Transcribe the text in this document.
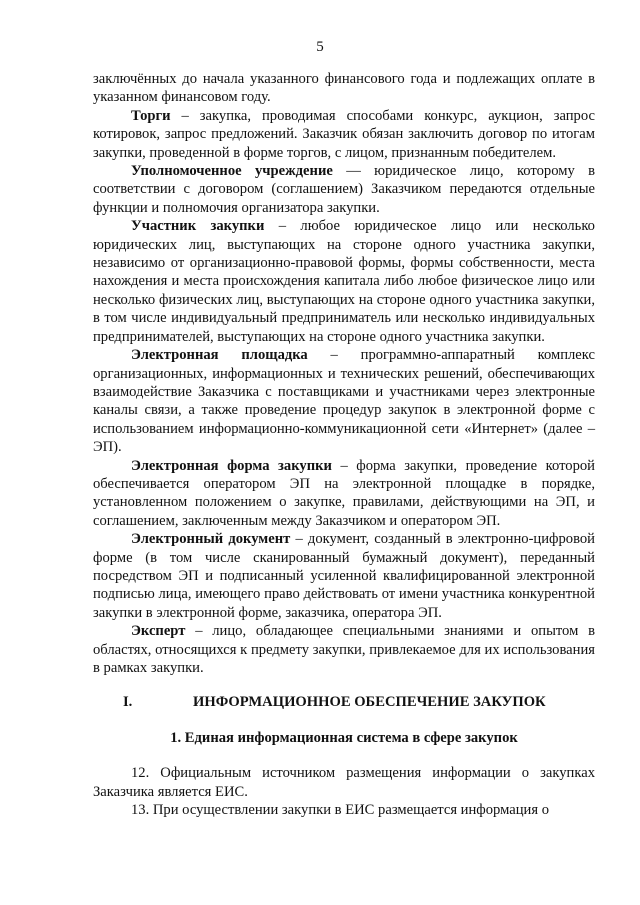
5

заключённых до начала указанного финансового года и подлежащих оплате в указанном финансовом году.

Торги – закупка, проводимая способами конкурс, аукцион, запрос котировок, запрос предложений. Заказчик обязан заключить договор по итогам закупки, проведенной в форме торгов, с лицом, признанным победителем.

Уполномоченное учреждение — юридическое лицо, которому в соответствии с договором (соглашением) Заказчиком передаются отдельные функции и полномочия организатора закупки.

Участник закупки – любое юридическое лицо или несколько юридических лиц, выступающих на стороне одного участника закупки, независимо от организационно-правовой формы, формы собственности, места нахождения и места происхождения капитала либо любое физическое лицо или несколько физических лиц, выступающих на стороне одного участника закупки, в том числе индивидуальный предприниматель или несколько индивидуальных предпринимателей, выступающих на стороне одного участника закупки.

Электронная площадка – программно-аппаратный комплекс организационных, информационных и технических решений, обеспечивающих взаимодействие Заказчика с поставщиками и участниками через электронные каналы связи, а также проведение процедур закупок в электронной форме с использованием информационно-коммуникационной сети «Интернет» (далее – ЭП).

Электронная форма закупки – форма закупки, проведение которой обеспечивается оператором ЭП на электронной площадке в порядке, установленном положением о закупке, правилами, действующими на ЭП, и соглашением, заключенным между Заказчиком и оператором ЭП.

Электронный документ – документ, созданный в электронно-цифровой форме (в том числе сканированный бумажный документ), переданный посредством ЭП и подписанный усиленной квалифицированной электронной подписью лица, имеющего право действовать от имени участника конкурентной закупки в электронной форме, заказчика, оператора ЭП.

Эксперт – лицо, обладающее специальными знаниями и опытом в областях, относящихся к предмету закупки, привлекаемое для их использования в рамках закупки.

I.	ИНФОРМАЦИОННОЕ ОБЕСПЕЧЕНИЕ ЗАКУПОК
1. Единая информационная система в сфере закупок

12. Официальным источником размещения информации о закупках Заказчика является ЕИС.

13. При осуществлении закупки в ЕИС размещается информация о
